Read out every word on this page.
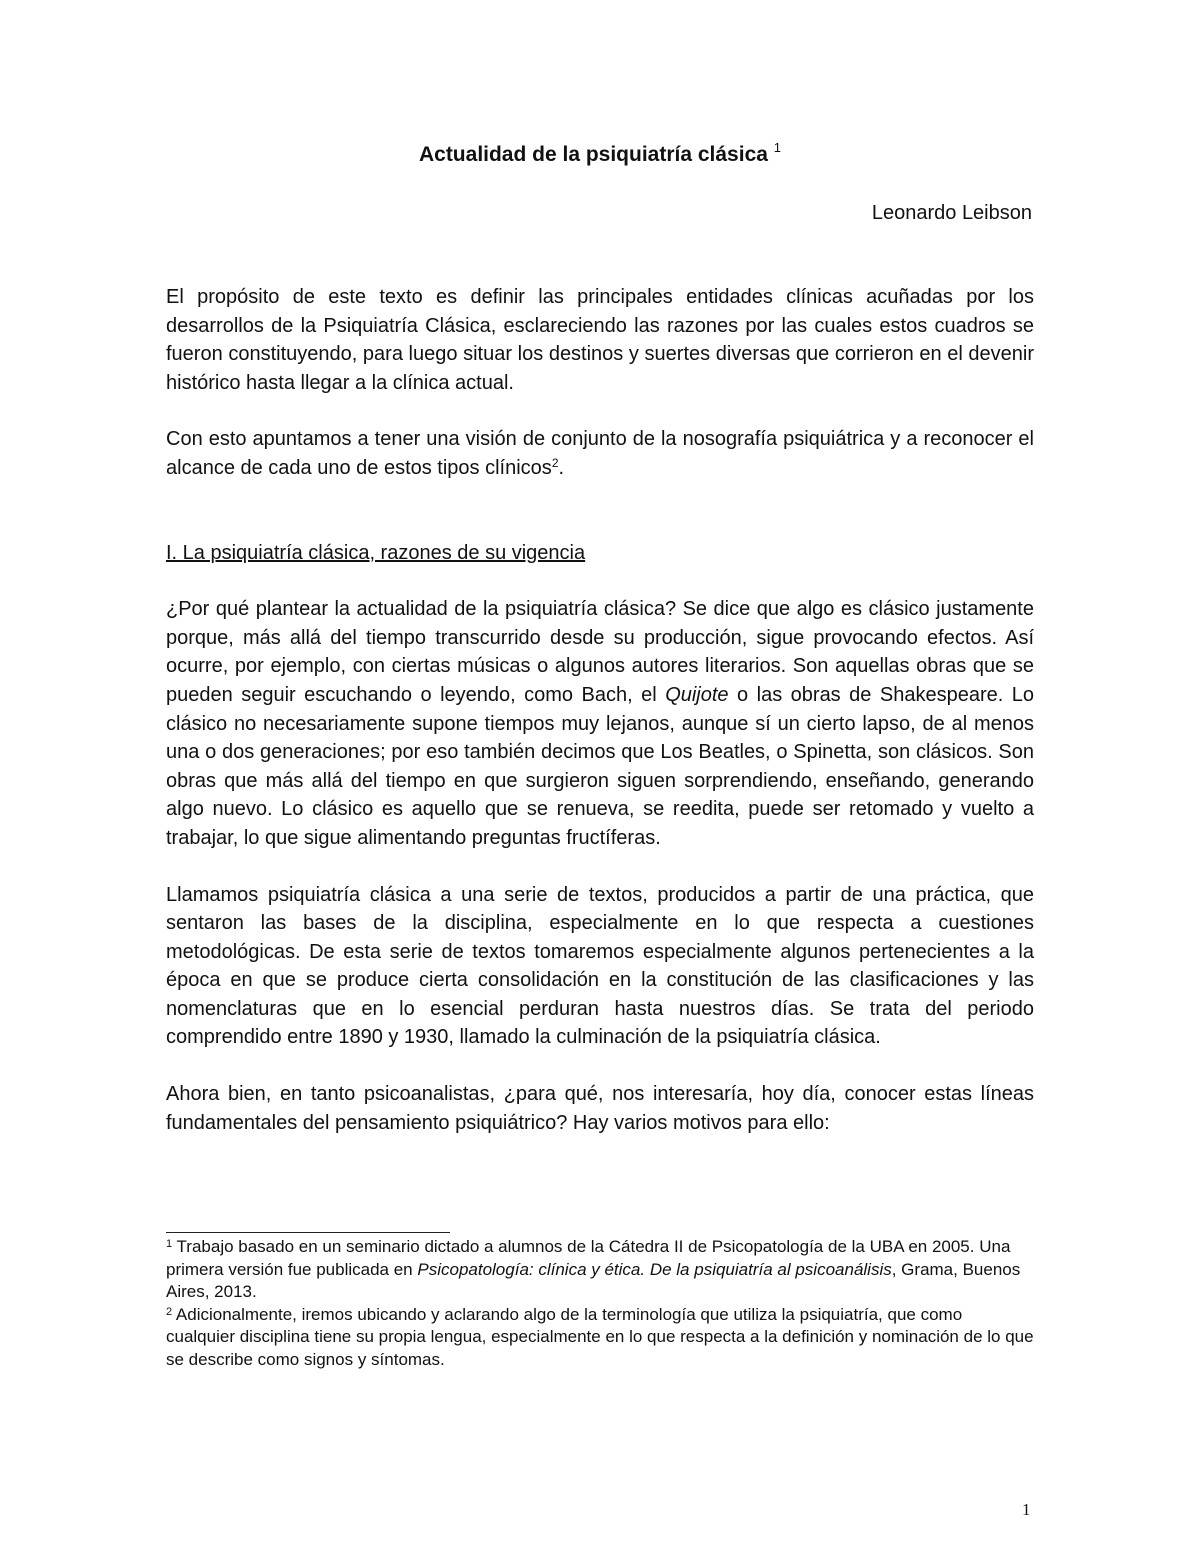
Actualidad de la psiquiatría clásica $^1$
Leonardo Leibson

El propósito de este texto es definir las principales entidades clínicas acuñadas por los desarrollos de la Psiquiatría Clásica, esclareciendo las razones por las cuales estos cuadros se fueron constituyendo, para luego situar los destinos y suertes diversas que corrieron en el devenir histórico hasta llegar a la clínica actual.

Con esto apuntamos a tener una visión de conjunto de la nosografía psiquiátrica y a reconocer el alcance de cada uno de estos tipos clínicos$^2$.

I. La psiquiatría clásica, razones de su vigencia

¿Por qué plantear la actualidad de la psiquiatría clásica? Se dice que algo es clásico justamente porque, más allá del tiempo transcurrido desde su producción, sigue provocando efectos. Así ocurre, por ejemplo, con ciertas músicas o algunos autores literarios. Son aquellas obras que se pueden seguir escuchando o leyendo, como Bach, el Quijote o las obras de Shakespeare. Lo clásico no necesariamente supone tiempos muy lejanos, aunque sí un cierto lapso, de al menos una o dos generaciones; por eso también decimos que Los Beatles, o Spinetta, son clásicos. Son obras que más allá del tiempo en que surgieron siguen sorprendiendo, enseñando, generando algo nuevo. Lo clásico es aquello que se renueva, se reedita, puede ser retomado y vuelto a trabajar, lo que sigue alimentando preguntas fructíferas.

Llamamos psiquiatría clásica a una serie de textos, producidos a partir de una práctica, que sentaron las bases de la disciplina, especialmente en lo que respecta a cuestiones metodológicas. De esta serie de textos tomaremos especialmente algunos pertenecientes a la época en que se produce cierta consolidación en la constitución de las clasificaciones y las nomenclaturas que en lo esencial perduran hasta nuestros días. Se trata del periodo comprendido entre 1890 y 1930, llamado la culminación de la psiquiatría clásica.

Ahora bien, en tanto psicoanalistas, ¿para qué, nos interesaría, hoy día, conocer estas líneas fundamentales del pensamiento psiquiátrico? Hay varios motivos para ello:

$^1$ Trabajo basado en un seminario dictado a alumnos de la Cátedra II de Psicopatología de la UBA en 2005. Una primera versión fue publicada en Psicopatología: clínica y ética. De la psiquiatría al psicoanálisis, Grama, Buenos Aires, 2013.

$^2$ Adicionalmente, iremos ubicando y aclarando algo de la terminología que utiliza la psiquiatría, que como cualquier disciplina tiene su propia lengua, especialmente en lo que respecta a la definición y nominación de lo que se describe como signos y síntomas.

1
